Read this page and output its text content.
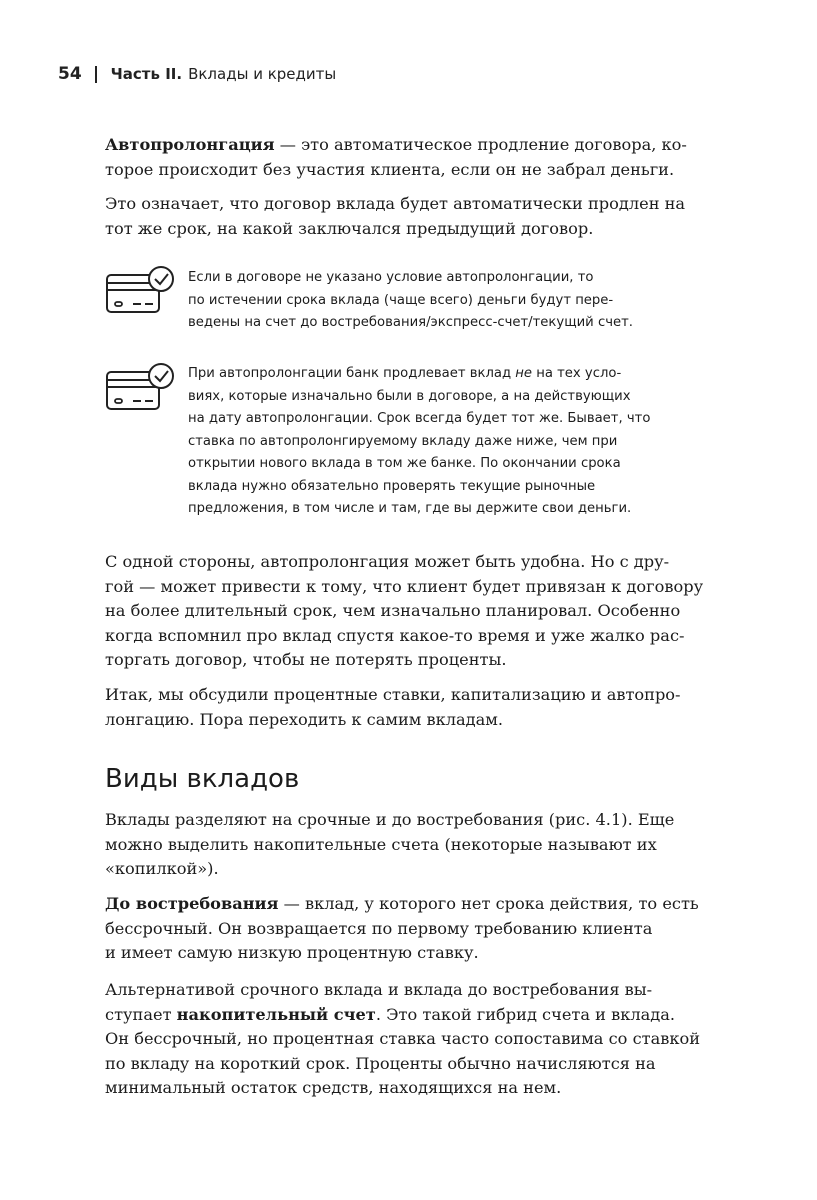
54 Часть II. Вклады и кредиты

Автопролонгация — это автоматическое продление договора, ко-
торое происходит без участия клиента, если он не забрал деньги.

Это означает, что договор вклада будет автоматически продлен на
тот же срок, на какой заключался предыдущий договор.

Если в договоре не указано условие автопролонгации, то
по истечении срока вклада (чаще всего) деньги будут пере-
ведены на счет до востребования/экспресс-счет/текущий счет.
При автопролонгации банк продлевает вклад не на тех усло-
виях, которые изначально были в договоре, а на действующих
на дату автопролонгации. Срок всегда будет тот же. Бывает, что
ставка по автопролонгируемому вкладу даже ниже, чем при
открытии нового вклада в том же банке. По окончании срока
вклада нужно обязательно проверять текущие рыночные
предложения, в том числе и там, где вы держите свои деньги.

С одной стороны, автопролонгация может быть удобна. Но с дру-
гой — может привести к тому, что клиент будет привязан к договору
на более длительный срок, чем изначально планировал. Особенно
когда вспомнил про вклад спустя какое-то время и уже жалко рас-
торгать договор, чтобы не потерять проценты.

Итак, мы обсудили процентные ставки, капитализацию и автопро-
лонгацию. Пора переходить к самим вкладам.

Виды вкладов

Вклады разделяют на срочные и до востребования (рис. 4.1). Еще
можно выделить накопительные счета (некоторые называют их
«копилкой»).

До востребования — вклад, у которого нет срока действия, то есть
бессрочный. Он возвращается по первому требованию клиента
и имеет самую низкую процентную ставку.

Альтернативой срочного вклада и вклада до востребования вы-
ступает накопительный счет. Это такой гибрид счета и вклада.
Он бессрочный, но процентная ставка часто сопоставима со ставкой
по вкладу на короткий срок. Проценты обычно начисляются на
минимальный остаток средств, находящихся на нем.
